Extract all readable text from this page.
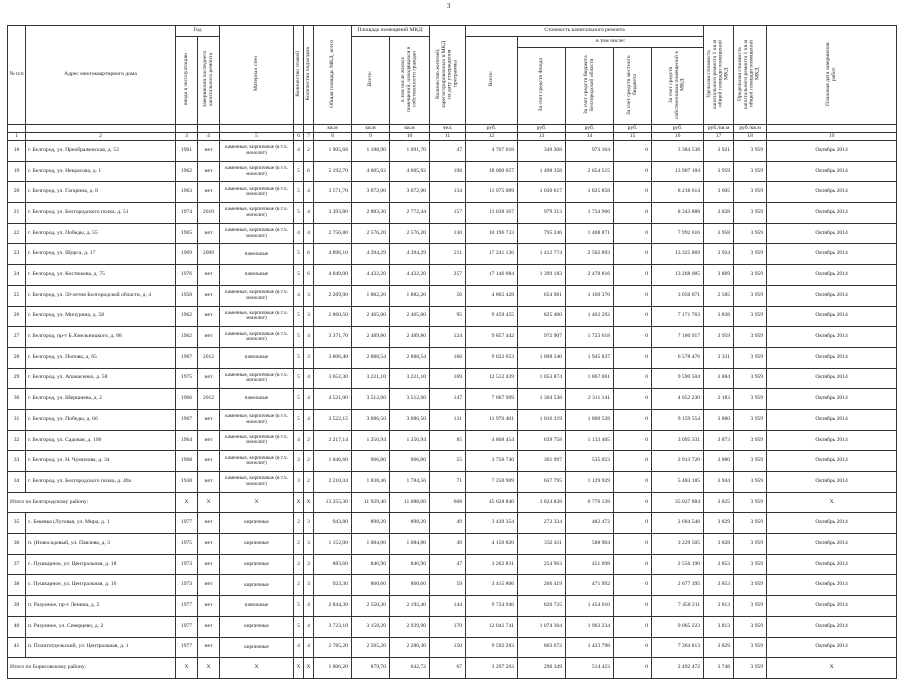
3
№ п/п	Адрес многоквартирного дома	Год		Материал стен	Количество этажей	Количество подъездов	Общая площадь МКД, всего	Площадь помещений МКД:		Количество жителей, зарегистрированных в МКД на дату утверждения программы	Стоимость капитального ремонта					Удельная стоимость капитального ремонта 1 кв.м общей площади помещений МКД	Предельная стоимость капитального ремонта 1 кв.м общей площади помещений МКД	Плановая дата завершения работ
		ввода в эксплуатацию	завершения последнего капитального ремонта					Всего:	в том числе жилых помещений, находящихся в собственности граждан		Всего:	в том числе:						
												За счет средств Фонда	За счет средств бюджета Белгородской области	За счет средств местного бюджета	За счет средств собственников помещений в МКД			
							кв.м	кв.м	кв.м	чел.	руб.	руб.	руб.	руб.	руб.	руб./кв.м	руб./кв.м	
1	2	3	4	5	6	7	8	9	10	11	12	13	14	15	16	17	18	19
18	г. Белгород, ул. Преображенская, д. 53	1961	нет	каменные, кирпичные (в т.ч. монолит)	4	2	1 905,68	1 188,90	1 091,70	47	4 707 018	349 308	973 164	0	3 384 538	3 921	3 959	Октябрь 2014
19	г. Белгород, ул. Некрасова, д. 1	1962	нет	каменные, кирпичные (в т.ч. монолит)	5	6	5 192,70	4 605,92	4 605,92	198	18 000 057	1 498 358	2 654 515	0	13 907 184	3 959	3 959	Октябрь 2014
20	г. Белгород, ул. Гагарина, д. 8	1963	нет	каменные, кирпичные (в т.ч. монолит)	5	4	3 571,70	3 072,00	3 072,00	134	11 075 089	1 030 617	1 825 858	0	8 218 614	3 605	3 959	Октябрь 2014
21	г. Белгород, ул. Белгородского полка, д. 51	1974	2010	каменные, кирпичные (в т.ч. монолит)	5	4	3 393,80	2 883,30	2 772,44	157	11 038 167	979 313	1 734 966	0	8 343 888	3 828	3 959	Октябрь 2014
22	г. Белгород, ул. Победы, д. 55	1965	нет	каменные, кирпичные (в т.ч. монолит)	4	4	2 756,80	2 576,20	2 576,20	130	10 196 733	795 246	1 408 871	0	7 992 616	3 958	3 959	Октябрь 2014
23	г. Белгород, ул. Щорса, д. 17	1969	2009	панельные	5	6	4 896,10	4 394,29	4 394,29	211	17 241 136	1 412 774	2 502 893	0	13 325 869	3 924	3 959	Октябрь 2014
24	г. Белгород, ул. Костюкова, д. 75	1976	нет	панельные	5	6	4 849,00	4 432,20	4 432,20	257	17 146 084	1 399 183	2 478 816	0	13 268 085	3 869	3 959	Октябрь 2014
25	г. Белгород, ул. 50-летия Белгородской области, д. 4	1958	нет	каменные, кирпичные (в т.ч. монолит)	4	3	2 269,90	1 882,20	1 882,20	56	4 865 428	654 981	1 160 376	0	3 050 071	2 585	3 959	Октябрь 2014
26	г. Белгород, ул. Мичурина, д. 58	1962	нет	каменные, кирпичные (в т.ч. монолит)	5	3	2 860,50	2 465,00	2 465,00	95	9 459 455	825 400	1 462 292	0	7 171 763	3 838	3 959	Октябрь 2014
27	г. Белгород, пр-т Б.Хмельницкого, д. 88	1962	нет	каменные, кирпичные (в т.ч. монолит)	5	4	3 371,70	2 489,80	2 489,80	124	9 857 442	972 907	1 723 618	0	7 160 917	3 959	3 959	Октябрь 2014
28	г. Белгород, ул. Попова, д. 65	1967	2012	панельные	5	3	3 806,40	2 888,54	2 888,54	166	9 622 653	1 098 340	1 945 837	0	6 578 476	3 331	3 959	Октябрь 2014
29	г. Белгород, ул. Апанасенко, д. 58	1975	нет	каменные, кирпичные (в т.ч. монолит)	5	4	3 652,30	3 221,10	3 221,10	169	12 512 439	1 053 874	1 867 061	0	9 590 504	3 884	3 959	Октябрь 2014
30	г. Белгород, ул. Шершнева, д. 2	1966	2012	панельные	5	4	4 521,00	3 512,60	3 512,60	147	7 667 909	1 304 538	2 311 141	0	4 052 230	2 183	3 959	Октябрь 2014
31	г. Белгород, ул. Победы, д. 66	1967	нет	каменные, кирпичные (в т.ч. монолит)	5	4	3 522,15	3 086,50	3 086,50	131	11 976 401	1 016 319	1 800 528	0	9 159 554	3 880	3 959	Октябрь 2014
32	г. Белгород, ул. Садовая, д. 106	1964	нет	каменные, кирпичные (в т.ч. монолит)	4	2	2 217,14	1 256,94	1 256,94	85	4 868 454	639 758	1 133 405	0	3 095 331	3 873	3 959	Октябрь 2014
33	г. Белгород, ул. Н. Чумичова, д. 34	1968	нет	каменные, кирпичные (в т.ч. монолит)	3	2	1 046,60	966,80	966,80	55	3 750 740	301 997	535 023	0	2 913 720	3 880	3 959	Октябрь 2014
34	г. Белгород, ул. Белгородского полка, д. 40а	1938	нет	каменные, кирпичные (в т.ч. монолит)	3	2	2 210,34	1 838,46	1 784,56	71	7 250 909	637 795	1 129 929	0	5 483 185	3 944	3 959	Октябрь 2014
Итого по Белгородскому району:		X	X	X	X	X	13 255,30	11 929,40	11 088,60	668	45 628 840	3 824 828	6 776 128	0	35 027 884	3 825	3 959	X
35	с. Бекевка (Луговая, ул. Мира, д. 1	1977	нет	кирпичные	2	3	943,80	898,20	898,20	49	3 439 354	272 334	482 472	0	2 684 548	3 829	3 959	Октябрь 2014
36	п. (Новосадовый, ул. Павлова, д. 3	1975	нет	кирпичные	2	3	1 152,00	1 084,00	1 084,00	49	4 150 820	332 411	588 904	0	3 229 505	3 828	3 959	Октябрь 2014
37	с. Пушкарное, ул. Центральная, д. 18	1973	нет	кирпичные	2	3	883,60	846,90	846,90	47	3 262 831	254 963	451 698	0	2 556 190	3 853	3 959	Октябрь 2014
38	с. Пушкарное, ул. Центральная, д. 16	1973	нет	кирпичные	2	3	923,30	860,60	860,60	59	3 415 806	266 419	471 992	0	2 677 395	3 853	3 959	Октябрь 2014
39	п. Разумное, пр-т Ленина, д. 2	1977	нет	панельные	5	4	2 844,30	2 550,30	2 192,40	144	9 724 946	820 725	1 454 010	0	7 450 211	3 813	3 959	Октябрь 2014
40	п. Разумное, ул. Северцево, д. 2	1977	нет	кирпичные	5	4	3 723,10	3 158,20	2 939,90	170	12 042 741	1 074 304	1 903 234	0	9 065 223	3 813	3 959	Октябрь 2014
41	п. Политотдельский, ул. Центральная, д. 1	1977	нет	кирпичные	4	4	2 785,20	2 505,20	2 280,30	150	9 592 283	803 672	1 423 798	0	7 364 813	3 829	3 959	Октябрь 2014
Итого по Борисовскому району:		X	X	X	X	X	1 006,20	879,70	642,72	67	3 297 263	290 349	514 423	0	2 492 472	3 748	3 959	X
